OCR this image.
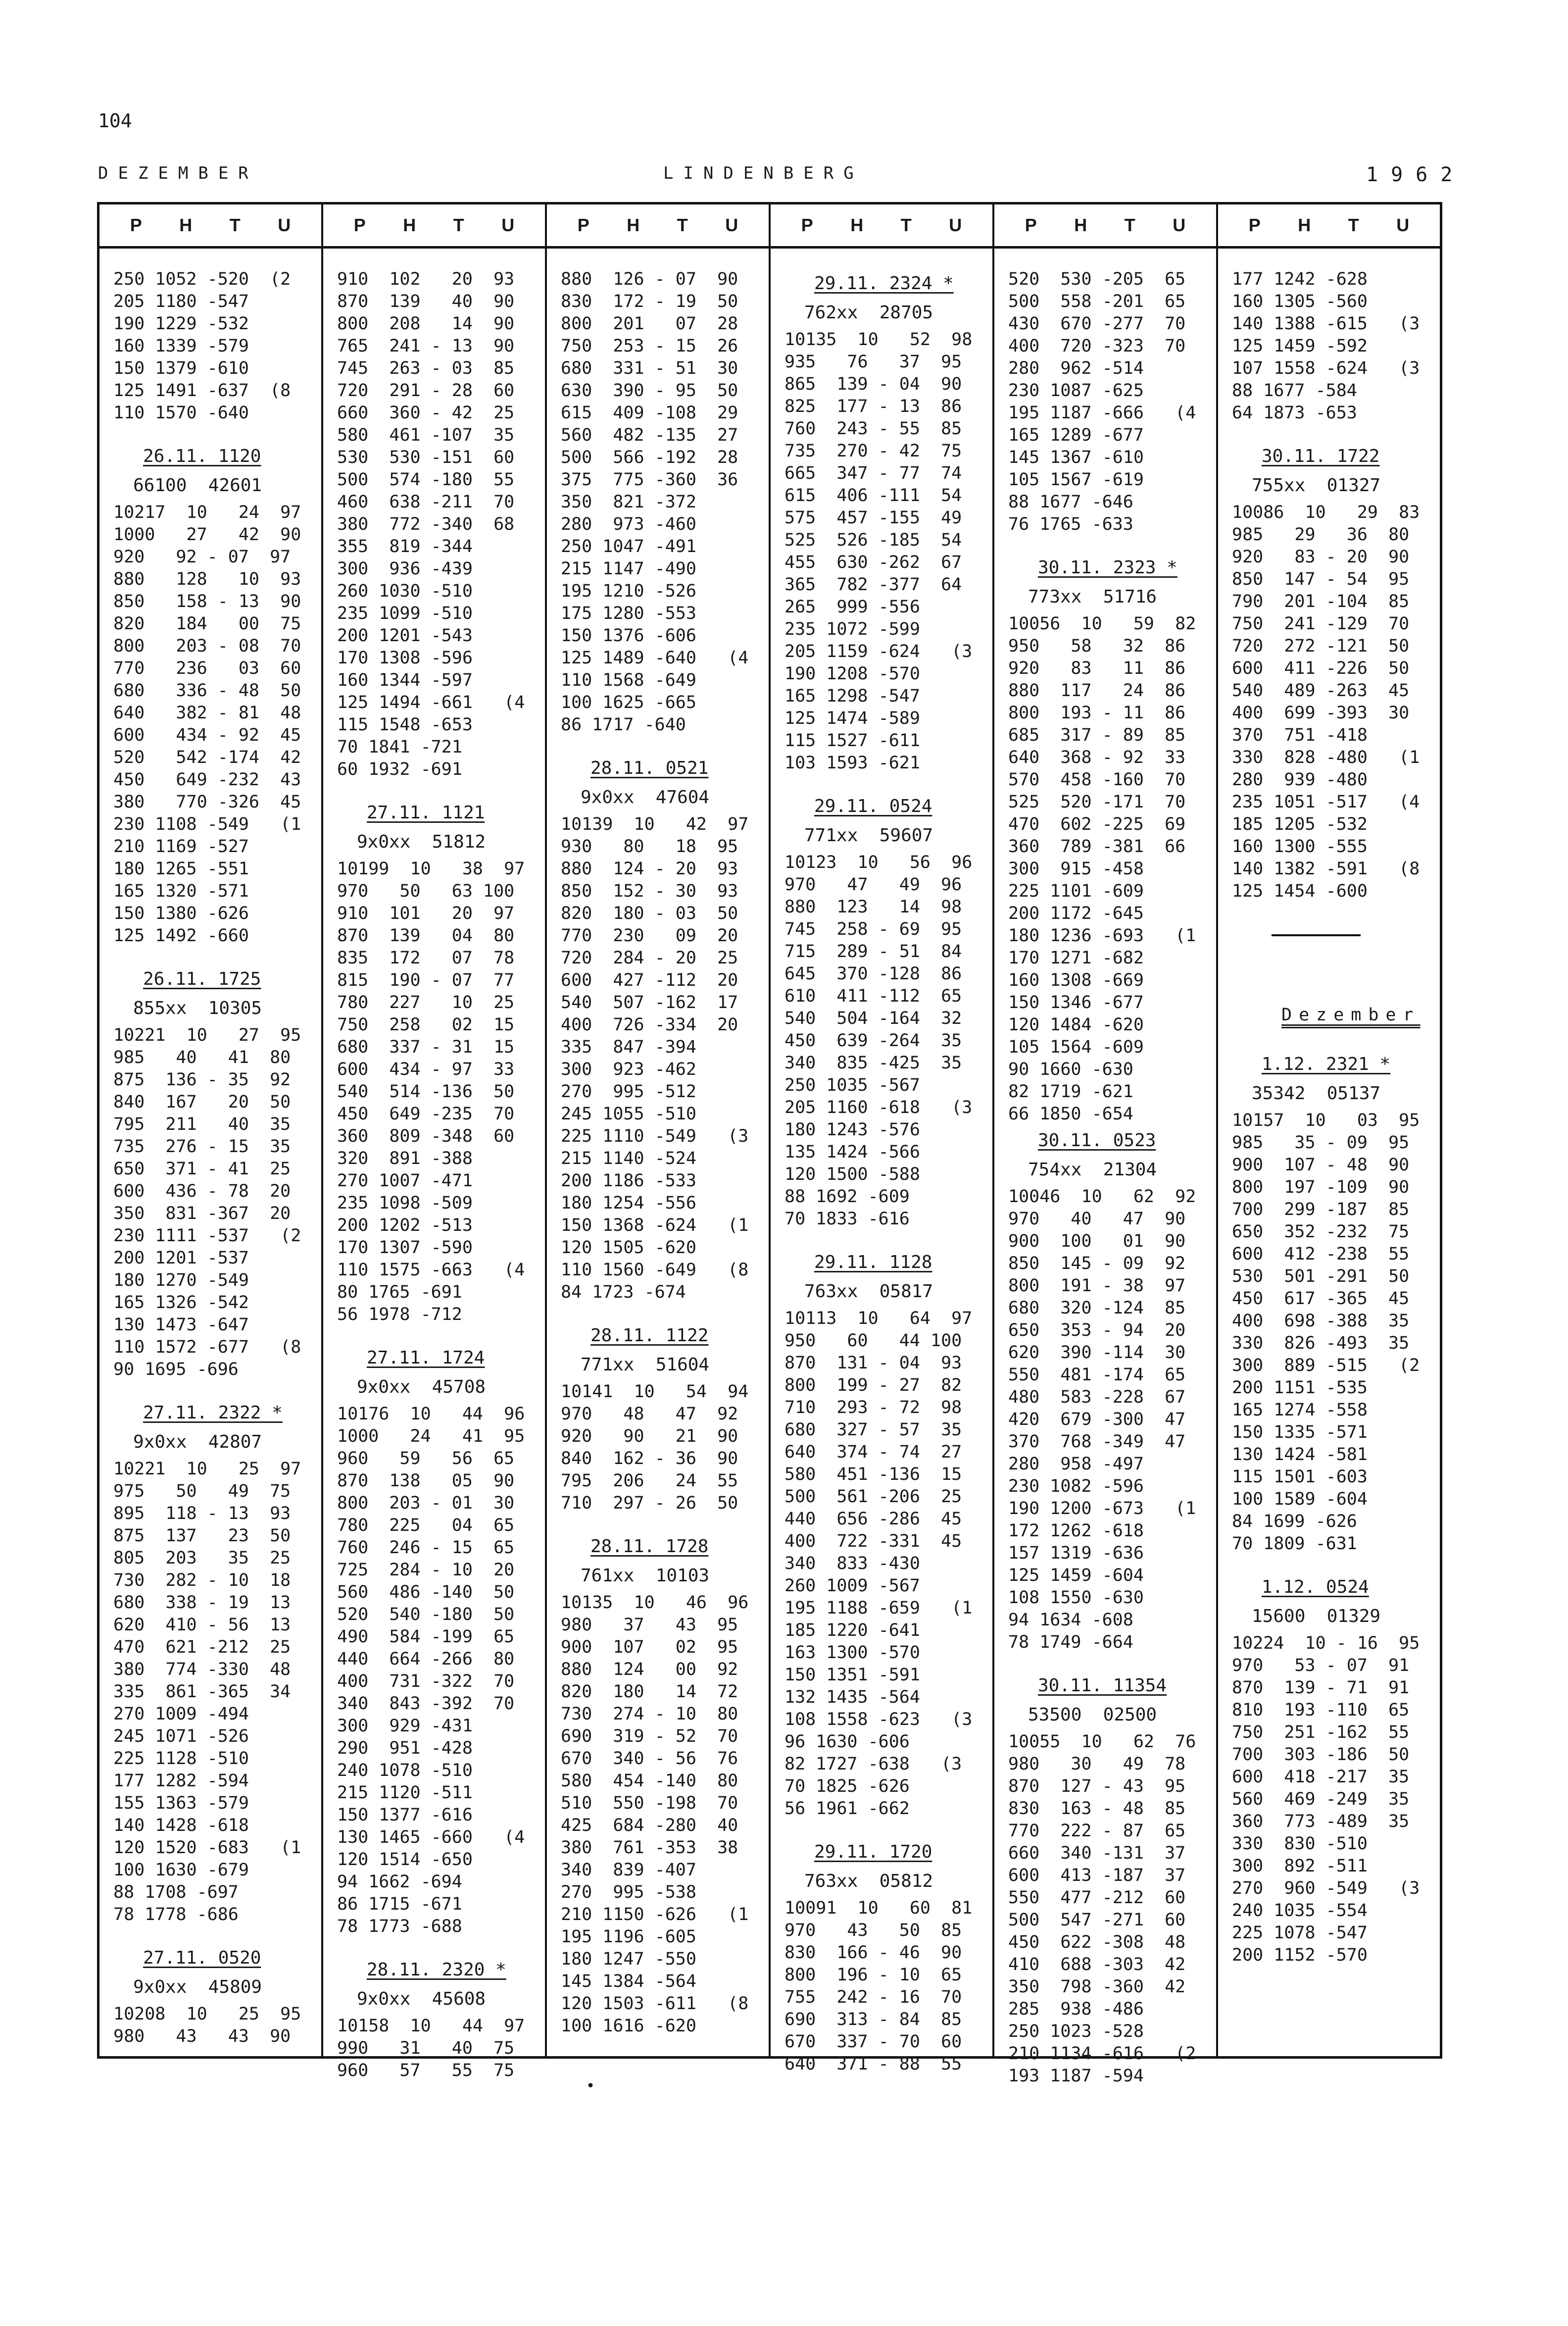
104
DEZEMBER	LINDENBERG	1962
P H T U
250 1052 -520  (2
205 1180 -547
190 1229 -532
160 1339 -579
150 1379 -610
125 1491 -637  (8
110 1570 -640
26.11. 1120
66100  42601
10217  10   24  97
1000   27   42  90
920   92 - 07  97
880   128   10  93
850   158 - 13  90
820   184   00  75
800   203 - 08  70
770   236   03  60
680   336 - 48  50
640   382 - 81  48
600   434 - 92  45
520   542 -174  42
450   649 -232  43
380   770 -326  45
230 1108 -549   (1
210 1169 -527
180 1265 -551
165 1320 -571
150 1380 -626
125 1492 -660
26.11. 1725
855xx  10305
10221  10   27  95
985   40   41  80
875  136 - 35  92
840  167   20  50
795  211   40  35
735  276 - 15  35
650  371 - 41  25
600  436 - 78  20
350  831 -367  20
230 1111 -537   (2
200 1201 -537
180 1270 -549
165 1326 -542
130 1473 -647
110 1572 -677   (8
90 1695 -696
27.11. 2322 *
9x0xx  42807
10221  10   25  97
975   50   49  75
895  118 - 13  93
875  137   23  50
805  203   35  25
730  282 - 10  18
680  338 - 19  13
620  410 - 56  13
470  621 -212  25
380  774 -330  48
335  861 -365  34
270 1009 -494
245 1071 -526
225 1128 -510
177 1282 -594
155 1363 -579
140 1428 -618
120 1520 -683   (1
100 1630 -679
88 1708 -697
78 1778 -686
27.11. 0520
9x0xx  45809
10208  10   25  95
980   43   43  90
P H T U
910  102   20  93
870  139   40  90
800  208   14  90
765  241 - 13  90
745  263 - 03  85
720  291 - 28  60
660  360 - 42  25
580  461 -107  35
530  530 -151  60
500  574 -180  55
460  638 -211  70
380  772 -340  68
355  819 -344
300  936 -439
260 1030 -510
235 1099 -510
200 1201 -543
170 1308 -596
160 1344 -597
125 1494 -661   (4
115 1548 -653
70 1841 -721
60 1932 -691
27.11. 1121
9x0xx  51812
10199  10   38  97
970   50   63 100
910  101   20  97
870  139   04  80
835  172   07  78
815  190 - 07  77
780  227   10  25
750  258   02  15
680  337 - 31  15
600  434 - 97  33
540  514 -136  50
450  649 -235  70
360  809 -348  60
320  891 -388
270 1007 -471
235 1098 -509
200 1202 -513
170 1307 -590
110 1575 -663   (4
80 1765 -691
56 1978 -712
27.11. 1724
9x0xx  45708
10176  10   44  96
1000   24   41  95
960   59   56  65
870  138   05  90
800  203 - 01  30
780  225   04  65
760  246 - 15  65
725  284 - 10  20
560  486 -140  50
520  540 -180  50
490  584 -199  65
440  664 -266  80
400  731 -322  70
340  843 -392  70
300  929 -431
290  951 -428
240 1078 -510
215 1120 -511
150 1377 -616
130 1465 -660   (4
120 1514 -650
94 1662 -694
86 1715 -671
78 1773 -688
28.11. 2320 *
9x0xx  45608
10158  10   44  97
990   31   40  75
960   57   55  75
P H T U
880  126 - 07  90
830  172 - 19  50
800  201   07  28
750  253 - 15  26
680  331 - 51  30
630  390 - 95  50
615  409 -108  29
560  482 -135  27
500  566 -192  28
375  775 -360  36
350  821 -372
280  973 -460
250 1047 -491
215 1147 -490
195 1210 -526
175 1280 -553
150 1376 -606
125 1489 -640   (4
110 1568 -649
100 1625 -665
86 1717 -640
28.11. 0521
9x0xx  47604
10139  10   42  97
930   80   18  95
880  124 - 20  93
850  152 - 30  93
820  180 - 03  50
770  230   09  20
720  284 - 20  25
600  427 -112  20
540  507 -162  17
400  726 -334  20
335  847 -394
300  923 -462
270  995 -512
245 1055 -510
225 1110 -549   (3
215 1140 -524
200 1186 -533
180 1254 -556
150 1368 -624   (1
120 1505 -620
110 1560 -649   (8
84 1723 -674
28.11. 1122
771xx  51604
10141  10   54  94
970   48   47  92
920   90   21  90
840  162 - 36  90
795  206   24  55
710  297 - 26  50
28.11. 1728
761xx  10103
10135  10   46  96
980   37   43  95
900  107   02  95
880  124   00  92
820  180   14  72
730  274 - 10  80
690  319 - 52  70
670  340 - 56  76
580  454 -140  80
510  550 -198  70
425  684 -280  40
380  761 -353  38
340  839 -407
270  995 -538
210 1150 -626   (1
195 1196 -605
180 1247 -550
145 1384 -564
120 1503 -611   (8
100 1616 -620
P H T U
29.11. 2324 *
762xx  28705
10135  10   52  98
935   76   37  95
865  139 - 04  90
825  177 - 13  86
760  243 - 55  85
735  270 - 42  75
665  347 - 77  74
615  406 -111  54
575  457 -155  49
525  526 -185  54
455  630 -262  67
365  782 -377  64
265  999 -556
235 1072 -599
205 1159 -624   (3
190 1208 -570
165 1298 -547
125 1474 -589
115 1527 -611
103 1593 -621
29.11. 0524
771xx  59607
10123  10   56  96
970   47   49  96
880  123   14  98
745  258 - 69  95
715  289 - 51  84
645  370 -128  86
610  411 -112  65
540  504 -164  32
450  639 -264  35
340  835 -425  35
250 1035 -567
205 1160 -618   (3
180 1243 -576
135 1424 -566
120 1500 -588
88 1692 -609
70 1833 -616
29.11. 1128
763xx  05817
10113  10   64  97
950   60   44 100
870  131 - 04  93
800  199 - 27  82
710  293 - 72  98
680  327 - 57  35
640  374 - 74  27
580  451 -136  15
500  561 -206  25
440  656 -286  45
400  722 -331  45
340  833 -430
260 1009 -567
195 1188 -659   (1
185 1220 -641
163 1300 -570
150 1351 -591
132 1435 -564
108 1558 -623   (3
96 1630 -606
82 1727 -638   (3
70 1825 -626
56 1961 -662
29.11. 1720
763xx  05812
10091  10   60  81
970   43   50  85
830  166 - 46  90
800  196 - 10  65
755  242 - 16  70
690  313 - 84  85
670  337 - 70  60
640  371 - 88  55
P H T U
520  530 -205  65
500  558 -201  65
430  670 -277  70
400  720 -323  70
280  962 -514
230 1087 -625
195 1187 -666   (4
165 1289 -677
145 1367 -610
105 1567 -619
88 1677 -646
76 1765 -633
30.11. 2323 *
773xx  51716
10056  10   59  82
950   58   32  86
920   83   11  86
880  117   24  86
800  193 - 11  86
685  317 - 89  85
640  368 - 92  33
570  458 -160  70
525  520 -171  70
470  602 -225  69
360  789 -381  66
300  915 -458
225 1101 -609
200 1172 -645
180 1236 -693   (1
170 1271 -682
160 1308 -669
150 1346 -677
120 1484 -620
105 1564 -609
90 1660 -630
82 1719 -621
66 1850 -654
30.11. 0523
754xx  21304
10046  10   62  92
970   40   47  90
900  100   01  90
850  145 - 09  92
800  191 - 38  97
680  320 -124  85
650  353 - 94  20
620  390 -114  30
550  481 -174  65
480  583 -228  67
420  679 -300  47
370  768 -349  47
280  958 -497
230 1082 -596
190 1200 -673   (1
172 1262 -618
157 1319 -636
125 1459 -604
108 1550 -630
94 1634 -608
78 1749 -664
30.11. 11354
53500  02500
10055  10   62  76
980   30   49  78
870  127 - 43  95
830  163 - 48  85
770  222 - 87  65
660  340 -131  37
600  413 -187  37
550  477 -212  60
500  547 -271  60
450  622 -308  48
410  688 -303  42
350  798 -360  42
285  938 -486
250 1023 -528
210 1134 -616   (2
193 1187 -594
P H T U
177 1242 -628
160 1305 -560
140 1388 -615   (3
125 1459 -592
107 1558 -624   (3
88 1677 -584
64 1873 -653
30.11. 1722
755xx  01327
10086  10   29  83
985   29   36  80
920   83 - 20  90
850  147 - 54  95
790  201 -104  85
750  241 -129  70
720  272 -121  50
600  411 -226  50
540  489 -263  45
400  699 -393  30
370  751 -418
330  828 -480   (1
280  939 -480
235 1051 -517   (4
185 1205 -532
160 1300 -555
140 1382 -591   (8
125 1454 -600
Dezember
1.12. 2321 *
35342  05137
10157  10   03  95
985   35 - 09  95
900  107 - 48  90
800  197 -109  90
700  299 -187  85
650  352 -232  75
600  412 -238  55
530  501 -291  50
450  617 -365  45
400  698 -388  35
330  826 -493  35
300  889 -515   (2
200 1151 -535
165 1274 -558
150 1335 -571
130 1424 -581
115 1501 -603
100 1589 -604
84 1699 -626
70 1809 -631
1.12. 0524
15600  01329
10224  10 - 16  95
970   53 - 07  91
870  139 - 71  91
810  193 -110  65
750  251 -162  55
700  303 -186  50
600  418 -217  35
560  469 -249  35
360  773 -489  35
330  830 -510
300  892 -511
270  960 -549   (3
240 1035 -554
225 1078 -547
200 1152 -570
•
